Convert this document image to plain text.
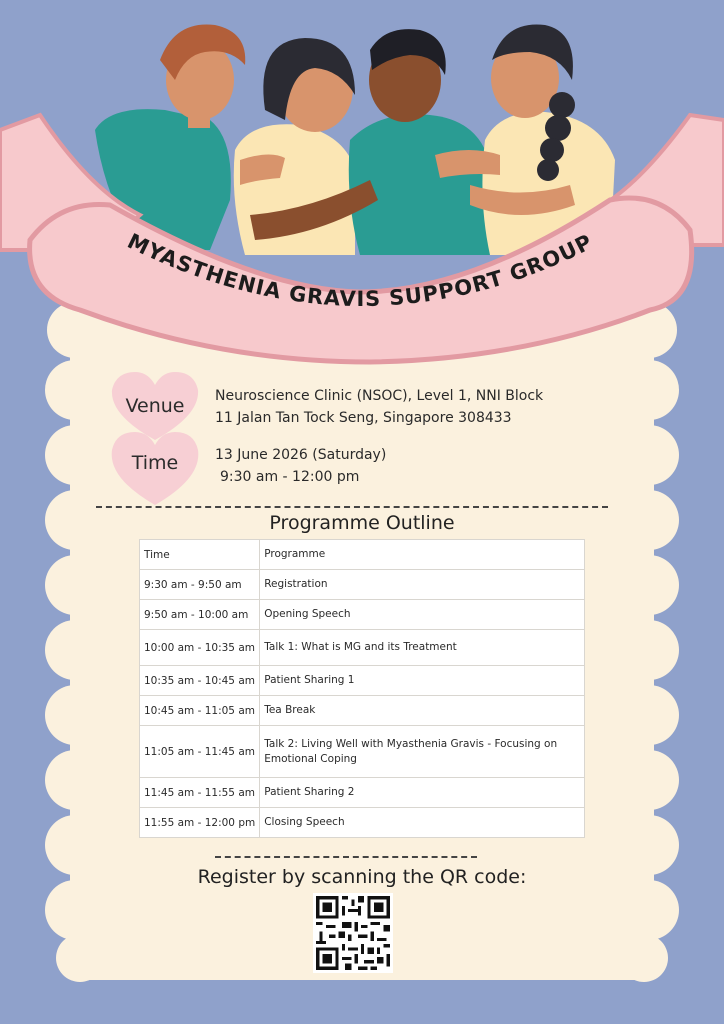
MYASTHENIA GRAVIS SUPPORT GROUP
Venue	Neuroscience Clinic (NSOC), Level 1, NNI Block
11 Jalan Tan Tock Seng, Singapore 308433
Time	13 June 2026 (Saturday)
9:30 am - 12:00 pm
Programme Outline
Time	Programme
9:30 am - 9:50 am	Registration
9:50 am - 10:00 am	Opening Speech
10:00 am - 10:35 am	Talk 1: What is MG and its Treatment
10:35 am - 10:45 am	Patient Sharing 1
10:45 am - 11:05 am	Tea Break
11:05 am - 11:45 am	Talk 2: Living Well with Myasthenia Gravis - Focusing on Emotional Coping
11:45 am - 11:55 am	Patient Sharing 2
11:55 am - 12:00 pm	Closing Speech
Register by scanning the QR code:
